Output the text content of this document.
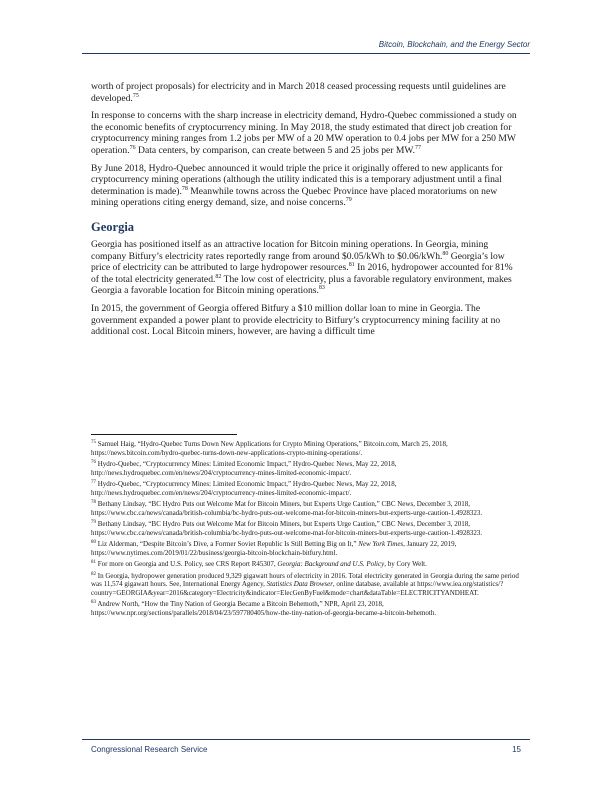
Bitcoin, Blockchain, and the Energy Sector

worth of project proposals) for electricity and in March 2018 ceased processing requests until guidelines are developed.$^{75}$

In response to concerns with the sharp increase in electricity demand, Hydro-Quebec commissioned a study on the economic benefits of cryptocurrency mining. In May 2018, the study estimated that direct job creation for cryptocurrency mining ranges from 1.2 jobs per MW of a 20 MW operation to 0.4 jobs per MW for a 250 MW operation.$^{76}$ Data centers, by comparison, can create between 5 and 25 jobs per MW.$^{77}$

By June 2018, Hydro-Quebec announced it would triple the price it originally offered to new applicants for cryptocurrency mining operations (although the utility indicated this is a temporary adjustment until a final determination is made).$^{78}$ Meanwhile towns across the Quebec Province have placed moratoriums on new mining operations citing energy demand, size, and noise concerns.$^{79}$

Georgia

Georgia has positioned itself as an attractive location for Bitcoin mining operations. In Georgia, mining company Bitfury’s electricity rates reportedly range from around $0.05/kWh to $0.06/kWh.$^{80}$ Georgia’s low price of electricity can be attributed to large hydropower resources.$^{81}$ In 2016, hydropower accounted for 81% of the total electricity generated.$^{82}$ The low cost of electricity, plus a favorable regulatory environment, makes Georgia a favorable location for Bitcoin mining operations.$^{83}$

In 2015, the government of Georgia offered Bitfury a $10 million dollar loan to mine in Georgia. The government expanded a power plant to provide electricity to Bitfury’s cryptocurrency mining facility at no additional cost. Local Bitcoin miners, however, are having a difficult time

$^{75}$ Samuel Haig, “Hydro-Quebec Turns Down New Applications for Crypto Mining Operations,” Bitcoin.com, March 25, 2018, https://news.bitcoin.com/hydro-quebec-turns-down-new-applications-crypto-mining-operations/.
$^{76}$ Hydro-Quebec, “Cryptocurrency Mines: Limited Economic Impact,” Hydro-Quebec News, May 22, 2018, http://news.hydroquebec.com/en/news/204/cryptocurrency-mines-limited-economic-impact/.
$^{77}$ Hydro-Quebec, “Cryptocurrency Mines: Limited Economic Impact,” Hydro-Quebec News, May 22, 2018, http://news.hydroquebec.com/en/news/204/cryptocurrency-mines-limited-economic-impact/.
$^{78}$ Bethany Lindsay, “BC Hydro Puts out Welcome Mat for Bitcoin Miners, but Experts Urge Caution,” CBC News, December 3, 2018, https://www.cbc.ca/news/canada/british-columbia/bc-hydro-puts-out-welcome-mat-for-bitcoin-miners-but-experts-urge-caution-1.4928323.
$^{79}$ Bethany Lindsay, “BC Hydro Puts out Welcome Mat for Bitcoin Miners, but Experts Urge Caution,” CBC News, December 3, 2018, https://www.cbc.ca/news/canada/british-columbia/bc-hydro-puts-out-welcome-mat-for-bitcoin-miners-but-experts-urge-caution-1.4928323.
$^{80}$ Liz Alderman, “Despite Bitcoin’s Dive, a Former Soviet Republic Is Still Betting Big on It,” New York Times, January 22, 2019, https://www.nytimes.com/2019/01/22/business/georgia-bitcoin-blockchain-bitfury.html.
$^{81}$ For more on Georgia and U.S. Policy, see CRS Report R45307, Georgia: Background and U.S. Policy, by Cory Welt.
$^{82}$ In Georgia, hydropower generation produced 9,329 gigawatt hours of electricity in 2016. Total electricity generated in Georgia during the same period was 11,574 gigawatt hours. See, International Energy Agency, Statistics Data Browser, online database, available at https://www.iea.org/statistics/?country=GEORGIA&year=2016&category=Electricity&indicator=ElecGenByFuel&mode=chart&dataTable=ELECTRICITYANDHEAT.
$^{83}$ Andrew North, “How the Tiny Nation of Georgia Became a Bitcoin Behemoth,” NPR, April 23, 2018, https://www.npr.org/sections/parallels/2018/04/23/597780405/how-the-tiny-nation-of-georgia-became-a-bitcoin-behemoth.
Congressional Research Service	15
